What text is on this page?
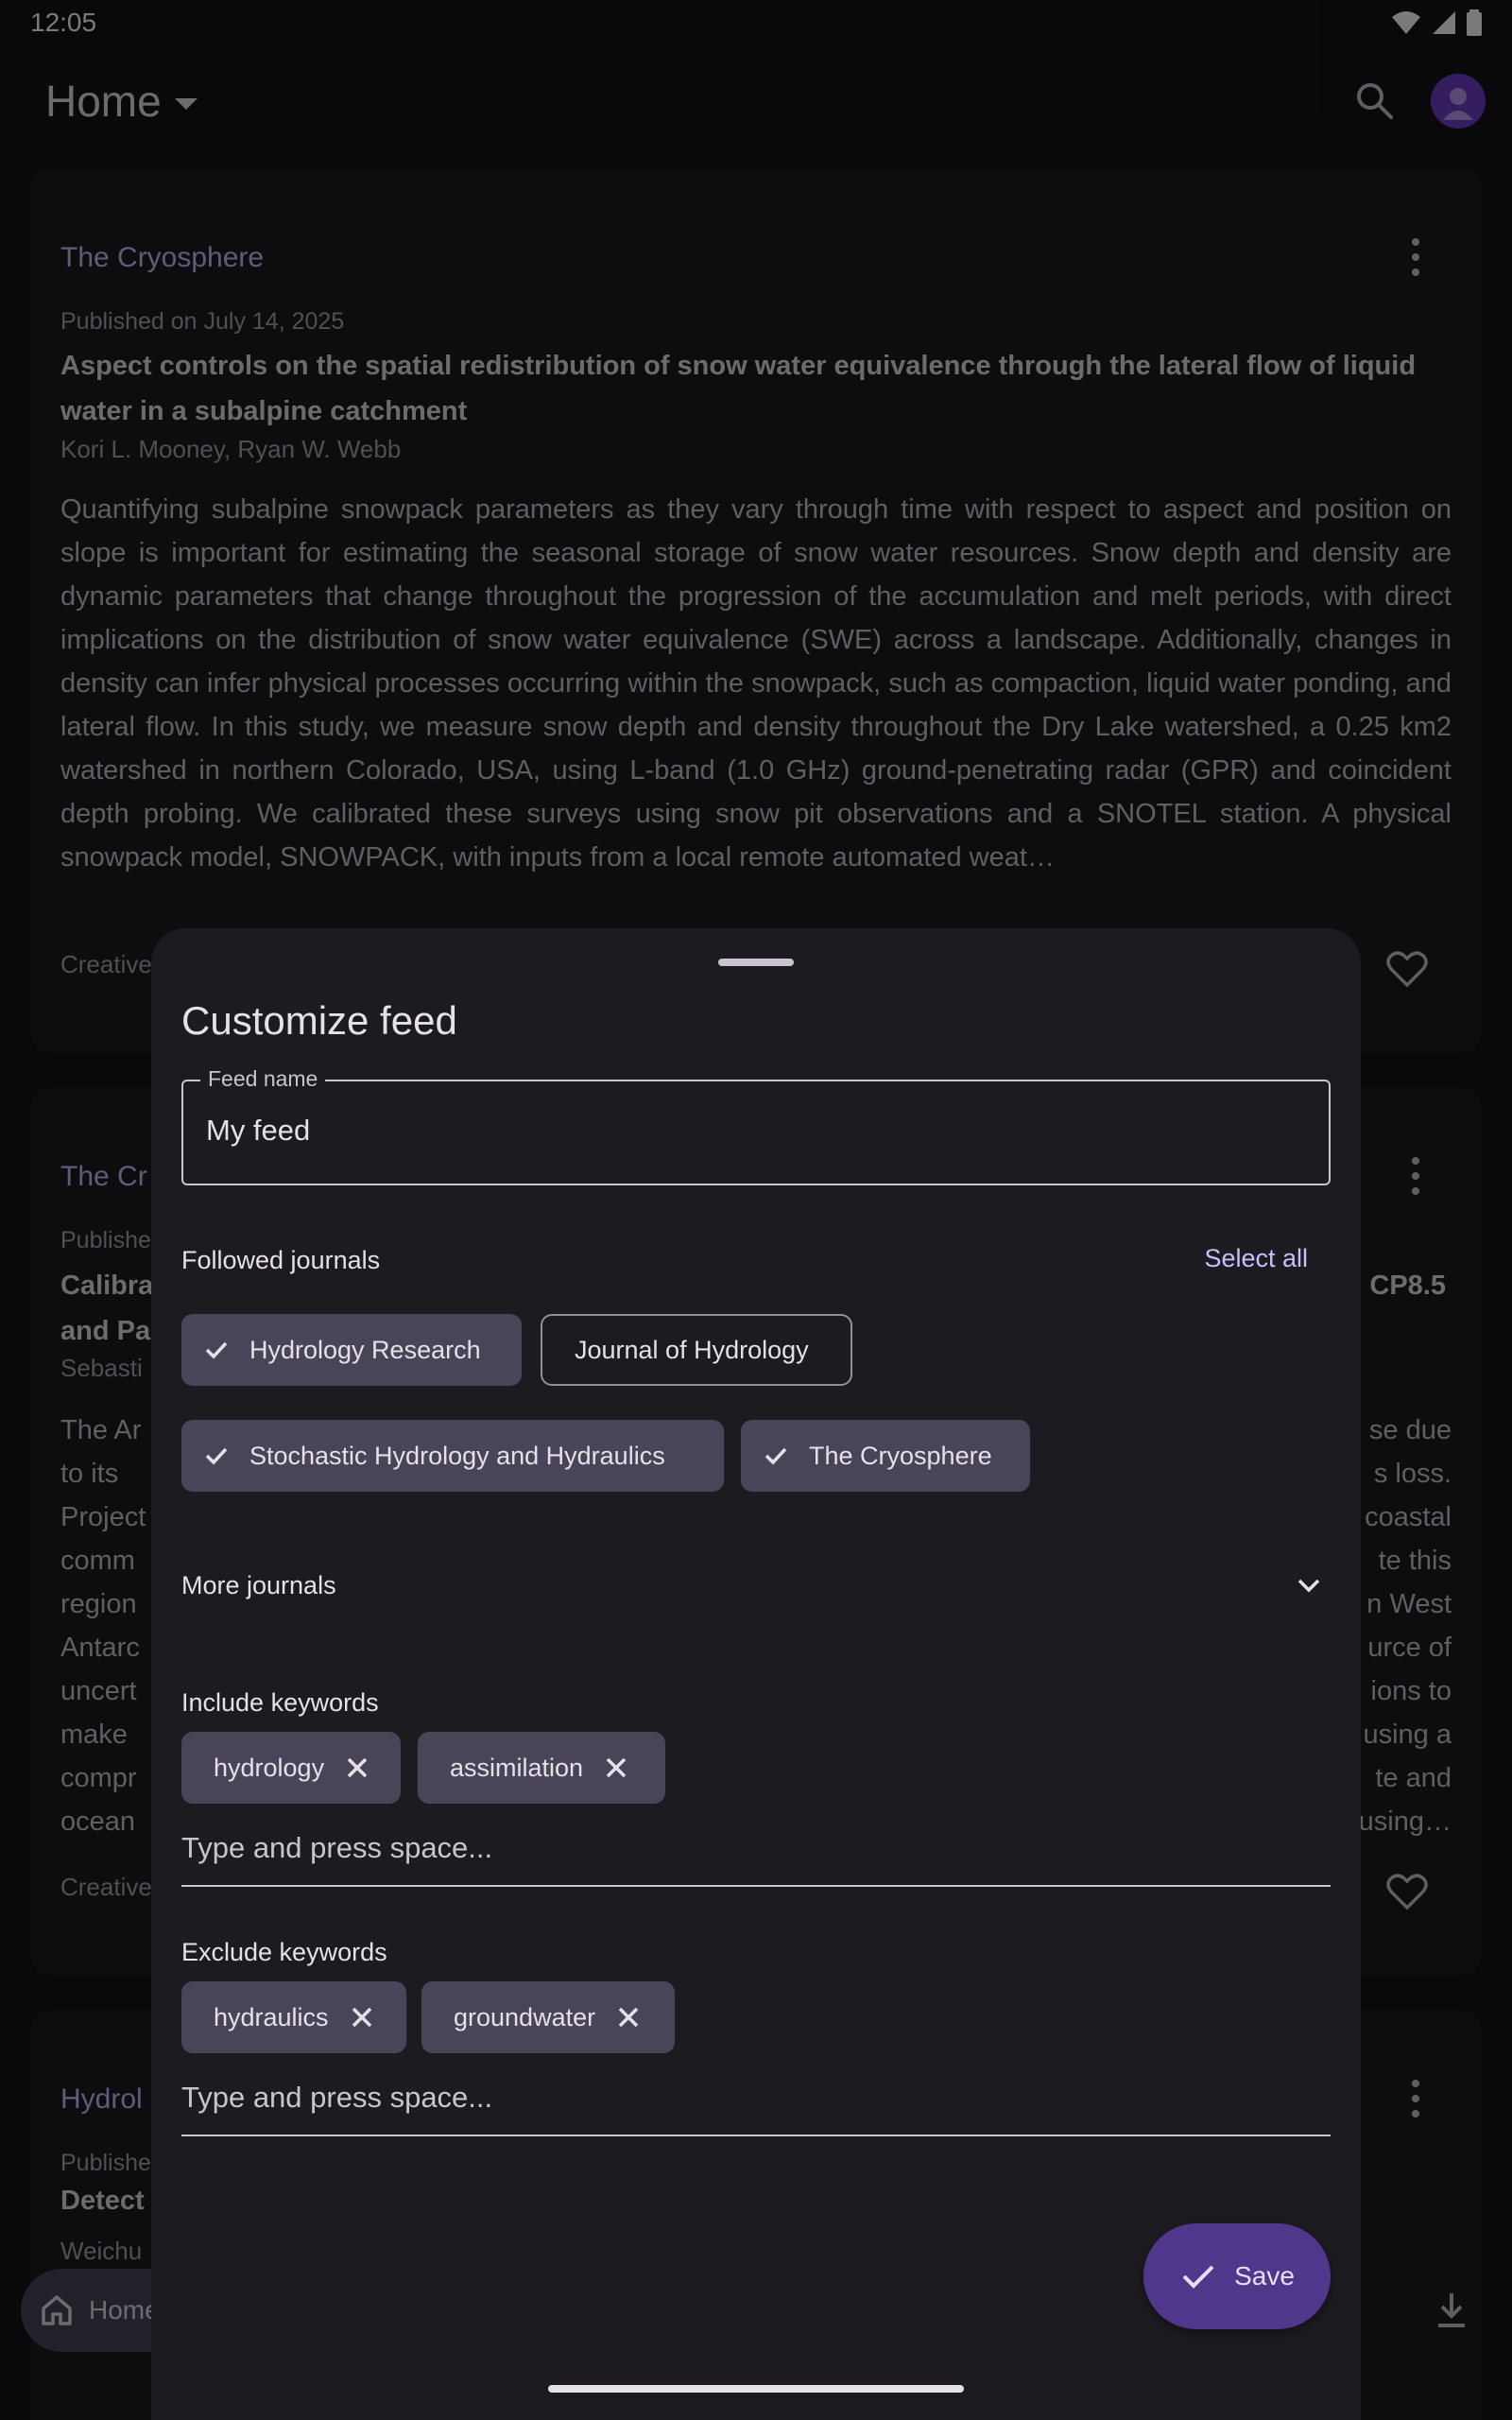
Customize feed
Feed name
My feed
Followed journals	Select all
Hydrology Research	Journal of Hydrology
Stochastic Hydrology and Hydraulics	The Cryosphere
More journals
Include keywords
hydrology	assimilation
Type and press space...
Exclude keywords
hydraulics	groundwater
Type and press space...
Save
